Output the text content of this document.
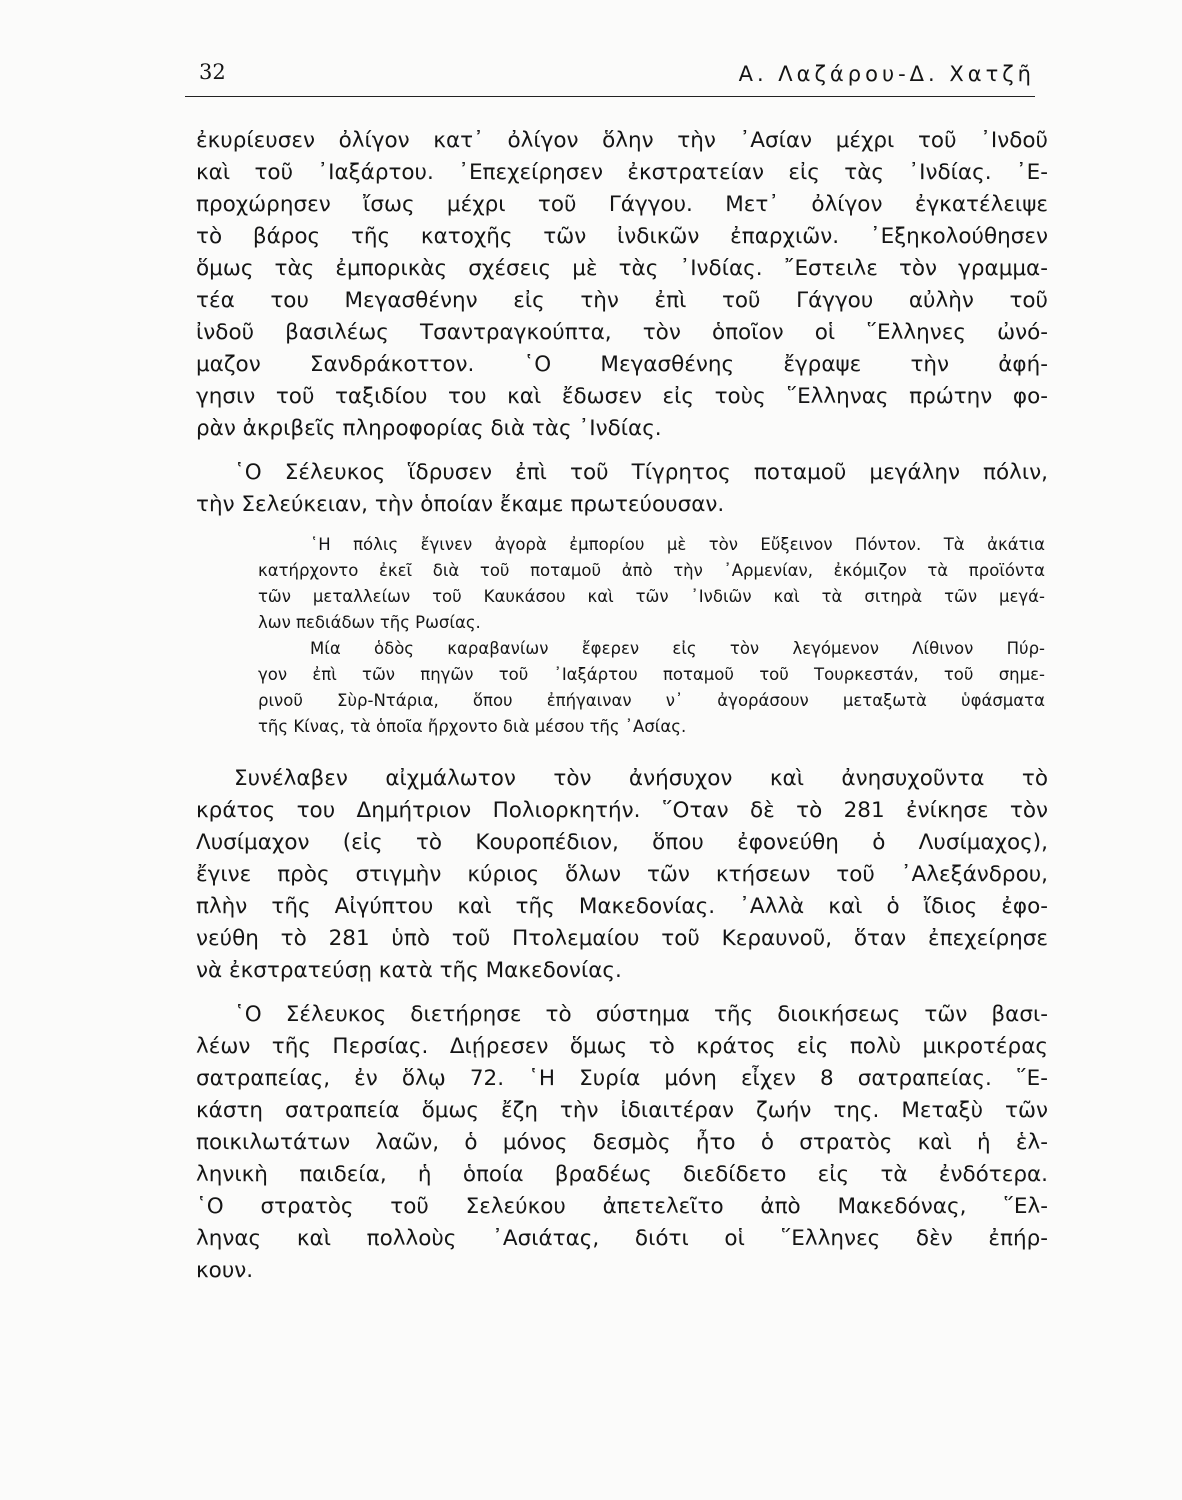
32	Α. Λαζάρου-Δ. Χατζῆ
ἐκυρίευσεν ὀλίγον κατ᾽ ὀλίγον ὅλην τὴν ᾽Ασίαν μέχρι τοῦ ᾽Ινδοῦ
καὶ τοῦ ᾽Ιαξάρτου. ᾽Επεχείρησεν ἐκστρατείαν εἰς τὰς ᾽Ινδίας. ᾽Ε-
προχώρησεν ἴσως μέχρι τοῦ Γάγγου. Μετ᾽ ὀλίγον ἐγκατέλειψε
τὸ βάρος τῆς κατοχῆς τῶν ἰνδικῶν ἐπαρχιῶν. ᾽Εξηκολούθησεν
ὅμως τὰς ἐμπορικὰς σχέσεις μὲ τὰς ᾽Ινδίας. ῎Εστειλε τὸν γραμμα-
τέα του Μεγασθένην εἰς τὴν ἐπὶ τοῦ Γάγγου αὐλὴν τοῦ
ἰνδοῦ βασιλέως Τσαντραγκούπτα, τὸν ὁποῖον οἱ ῞Ελληνες ὠνό-
μαζον Σανδράκοττον. ῾Ο Μεγασθένης ἔγραψε τὴν ἀφή-
γησιν τοῦ ταξιδίου του καὶ ἔδωσεν εἰς τοὺς ῞Ελληνας πρώτην φο-
ρὰν ἀκριβεῖς πληροφορίας διὰ τὰς ᾽Ινδίας.
῾Ο Σέλευκος ἵδρυσεν ἐπὶ τοῦ Τίγρητος ποταμοῦ μεγάλην πόλιν,
τὴν Σελεύκειαν, τὴν ὁποίαν ἔκαμε πρωτεύουσαν.
῾Η πόλις ἔγινεν ἀγορὰ ἐμπορίου μὲ τὸν Εὔξεινον Πόντον. Τὰ ἀκάτια
κατήρχοντο ἐκεῖ διὰ τοῦ ποταμοῦ ἀπὸ τὴν ᾽Αρμενίαν, ἐκόμιζον τὰ προϊόντα
τῶν μεταλλείων τοῦ Καυκάσου καὶ τῶν ᾽Ινδιῶν καὶ τὰ σιτηρὰ τῶν μεγά-
λων πεδιάδων τῆς Ρωσίας.
Μία ὁδὸς καραβανίων ἔφερεν εἰς τὸν λεγόμενον Λίθινον Πύρ-
γον ἐπὶ τῶν πηγῶν τοῦ ᾽Ιαξάρτου ποταμοῦ τοῦ Τουρκεστάν, τοῦ σημε-
ρινοῦ Σὺρ-Ντάρια, ὅπου ἐπήγαιναν ν᾽ ἀγοράσουν μεταξωτὰ ὑφάσματα
τῆς Κίνας, τὰ ὁποῖα ἤρχοντο διὰ μέσου τῆς ᾽Ασίας.
Συνέλαβεν αἰχμάλωτον τὸν ἀνήσυχον καὶ ἀνησυχοῦντα τὸ
κράτος του Δημήτριον Πολιορκητήν. ῞Οταν δὲ τὸ 281 ἐνίκησε τὸν
Λυσίμαχον (εἰς τὸ Κουροπέδιον, ὅπου ἐφονεύθη ὁ Λυσίμαχος),
ἔγινε πρὸς στιγμὴν κύριος ὅλων τῶν κτήσεων τοῦ ᾽Αλεξάνδρου,
πλὴν τῆς Αἰγύπτου καὶ τῆς Μακεδονίας. ᾽Αλλὰ καὶ ὁ ἴδιος ἐφο-
νεύθη τὸ 281 ὑπὸ τοῦ Πτολεμαίου τοῦ Κεραυνοῦ, ὅταν ἐπεχείρησε
νὰ ἐκστρατεύσῃ κατὰ τῆς Μακεδονίας.
῾Ο Σέλευκος διετήρησε τὸ σύστημα τῆς διοικήσεως τῶν βασι-
λέων τῆς Περσίας. Διῄρεσεν ὅμως τὸ κράτος εἰς πολὺ μικροτέρας
σατραπείας, ἐν ὅλῳ 72. ῾Η Συρία μόνη εἶχεν 8 σατραπείας. ῞Ε-
κάστη σατραπεία ὅμως ἔζη τὴν ἰδιαιτέραν ζωήν της. Μεταξὺ τῶν
ποικιλωτάτων λαῶν, ὁ μόνος δεσμὸς ἦτο ὁ στρατὸς καὶ ἡ ἑλ-
ληνικὴ παιδεία, ἡ ὁποία βραδέως διεδίδετο εἰς τὰ ἐνδότερα.
῾Ο στρατὸς τοῦ Σελεύκου ἀπετελεῖτο ἀπὸ Μακεδόνας, ῞Ελ-
ληνας καὶ πολλοὺς ᾽Ασιάτας, διότι οἱ ῞Ελληνες δὲν ἐπήρ-
κουν.
